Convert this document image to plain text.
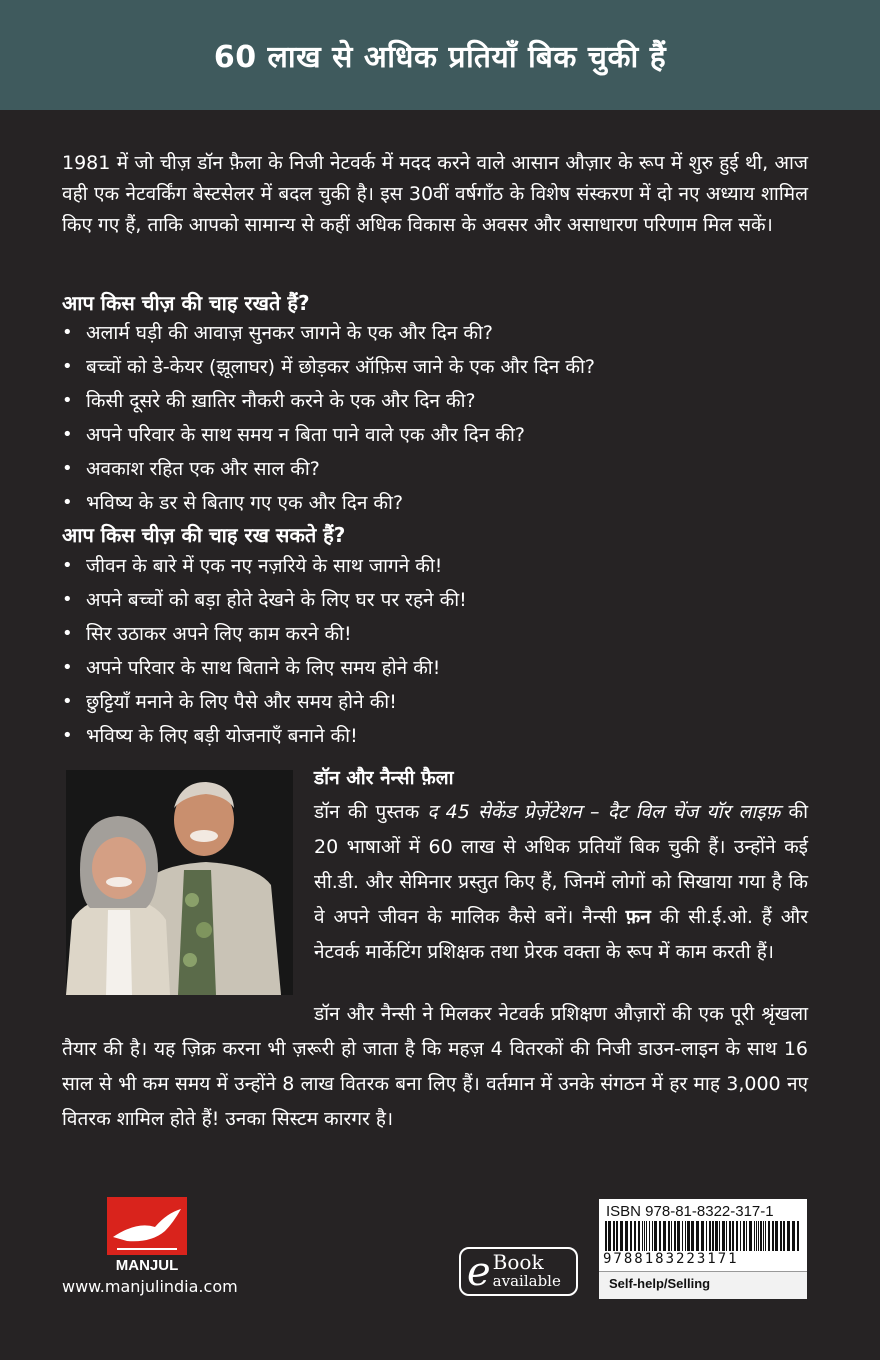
60 लाख से अधिक प्रतियाँ बिक चुकी हैं

1981 में जो चीज़ डॉन फ़ैला के निजी नेटवर्क में मदद करने वाले आसान औज़ार के रूप में शुरु हुई थी, आज वही एक नेटवर्किंग बेस्टसेलर में बदल चुकी है। इस 30वीं वर्षगाँठ के विशेष संस्करण में दो नए अध्याय शामिल किए गए हैं, ताकि आपको सामान्य से कहीं अधिक विकास के अवसर और असाधारण परिणाम मिल सकें।

आप किस चीज़ की चाह रखते हैं?

• अलार्म घड़ी की आवाज़ सुनकर जागने के एक और दिन की?
• बच्चों को डे-केयर (झूलाघर) में छोड़कर ऑफ़िस जाने के एक और दिन की?
• किसी दूसरे की ख़ातिर नौकरी करने के एक और दिन की?
• अपने परिवार के साथ समय न बिता पाने वाले एक और दिन की?
• अवकाश रहित एक और साल की?
• भविष्य के डर से बिताए गए एक और दिन की?

आप किस चीज़ की चाह रख सकते हैं?

• जीवन के बारे में एक नए नज़रिये के साथ जागने की!
• अपने बच्चों को बड़ा होते देखने के लिए घर पर रहने की!
• सिर उठाकर अपने लिए काम करने की!
• अपने परिवार के साथ बिताने के लिए समय होने की!
• छुट्टियाँ मनाने के लिए पैसे और समय होने की!
• भविष्य के लिए बड़ी योजनाएँ बनाने की!

डॉन और नैन्सी फ़ैला

डॉन की पुस्तक द 45 सेकेंड प्रेज़ेंटेशन – दैट विल चेंज यॉर लाइफ़ की 20 भाषाओं में 60 लाख से अधिक प्रतियाँ बिक चुकी हैं। उन्होंने कई सी.डी. और सेमिनार प्रस्तुत किए हैं, जिनमें लोगों को सिखाया गया है कि वे अपने जीवन के मालिक कैसे बनें। नैन्सी फ़न की सी.ई.ओ. हैं और नेटवर्क मार्केटिंग प्रशिक्षक तथा प्रेरक वक्ता के रूप में काम करती हैं।

डॉन और नैन्सी ने मिलकर नेटवर्क प्रशिक्षण औज़ारों की एक पूरी श्रृंखला तैयार की है। यह ज़िक्र करना भी ज़रूरी हो जाता है कि महज़ 4 वितरकों की निजी डाउन-लाइन के साथ 16 साल से भी कम समय में उन्होंने 8 लाख वितरक बना लिए हैं। वर्तमान में उनके संगठन में हर माह 3,000 नए वितरक शामिल होते हैं! उनका सिस्टम कारगर है।

MANJUL
www.manjulindia.com	e Book
available
ISBN 978-81-8322-317-1
9788183223171
Self-help/Selling
